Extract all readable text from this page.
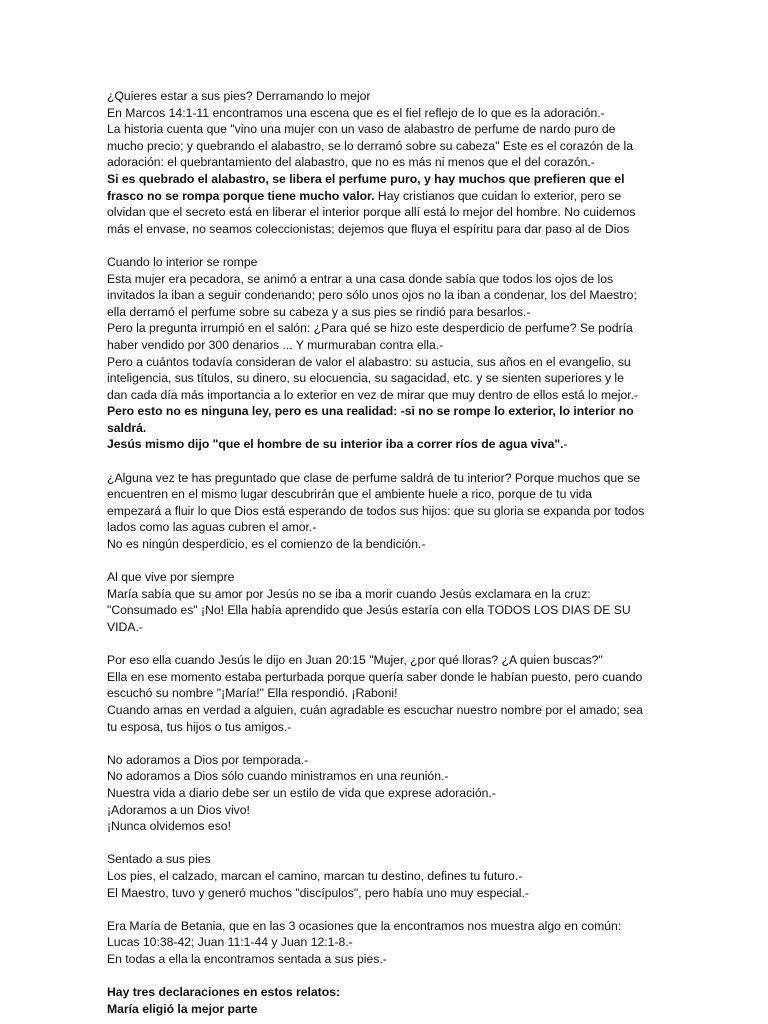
¿Quieres estar a sus pies? Derramando lo mejor
En Marcos 14:1-11 encontramos una escena que es el fiel reflejo de lo que es la adoración.-
La historia cuenta que "vino una mujer con un vaso de alabastro de perfume de nardo puro de
mucho precio; y quebrando el alabastro, se lo derramó sobre su cabeza" Este es el corazón de la
adoración: el quebrantamiento del alabastro, que no es más ni menos que el del corazón.-
Si es quebrado el alabastro, se libera el perfume puro, y hay muchos que prefieren que el
frasco no se rompa porque tiene mucho valor. Hay cristianos que cuidan lo exterior, pero se
olvidan que el secreto está en liberar el interior porque allí está lo mejor del hombre. No cuidemos
más el envase, no seamos coleccionistas; dejemos que fluya el espíritu para dar paso al de Dios
Cuando lo interior se rompe
Esta mujer era pecadora, se animó a entrar a una casa donde sabía que todos los ojos de los
invitados la iban a seguir condenando; pero sólo unos ojos no la iban a condenar, los del Maestro;
ella derramó el perfume sobre su cabeza y a sus pies se rindió para besarlos.-
Pero la pregunta irrumpió en el salón: ¿Para qué se hizo este desperdicio de perfume? Se podría
haber vendido por 300 denarios ... Y murmuraban contra ella.-
Pero a cuántos todavía consideran de valor el alabastro: su astucia, sus años en el evangelio, su
inteligencia, sus títulos, su dinero, su elocuencia, su sagacidad, etc. y se sienten superiores y le
dan cada día más importancia a lo exterior en vez de mirar que muy dentro de ellos está lo mejor.-
Pero esto no es ninguna ley, pero es una realidad: -si no se rompe lo exterior, lo interior no
saldrá.
Jesús mismo dijo "que el hombre de su interior iba a correr ríos de agua viva".-
¿Alguna vez te has preguntado que clase de perfume saldrá de tu interior? Porque muchos que se
encuentren en el mismo lugar descubrirán que el ambiente huele a rico, porque de tu vida
empezará a fluir lo que Dios está esperando de todos sus hijos: que su gloria se expanda por todos
lados como las aguas cubren el amor.-
No es ningún desperdicio, es el comienzo de la bendición.-
Al que vive por siempre
María sabía que su amor por Jesús no se iba a morir cuando Jesús exclamara en la cruz:
"Consumado es" ¡No! Ella había aprendido que Jesús estaría con ella TODOS LOS DIAS DE SU
VIDA.-
Por eso ella cuando Jesús le dijo en Juan 20:15 "Mujer, ¿por qué lloras? ¿A quien buscas?"
Ella en ese momento estaba perturbada porque quería saber donde le habían puesto, pero cuando
escuchó su nombre "¡María!" Ella respondió. ¡Raboni!
Cuando amas en verdad a alguien, cuán agradable es escuchar nuestro nombre por el amado; sea
tu esposa, tus hijos o tus amigos.-
No adoramos a Dios por temporada.-
No adoramos a Dios sólo cuando ministramos en una reunión.-
Nuestra vida a diario debe ser un estilo de vida que exprese adoración.-
¡Adoramos a un Dios vivo!
¡Nunca olvidemos eso!
Sentado a sus pies
Los pies, el calzado, marcan el camino, marcan tu destino, defines tu futuro.-
El Maestro, tuvo y generó muchos "discípulos", pero había uno muy especial.-
Era María de Betania, que en las 3 ocasiones que la encontramos nos muestra algo en común:
Lucas 10:38-42; Juan 11:1-44 y Juan 12:1-8.-
En todas a ella la encontramos sentada a sus pies.-
Hay tres declaraciones en estos relatos:
María eligió la mejor parte
